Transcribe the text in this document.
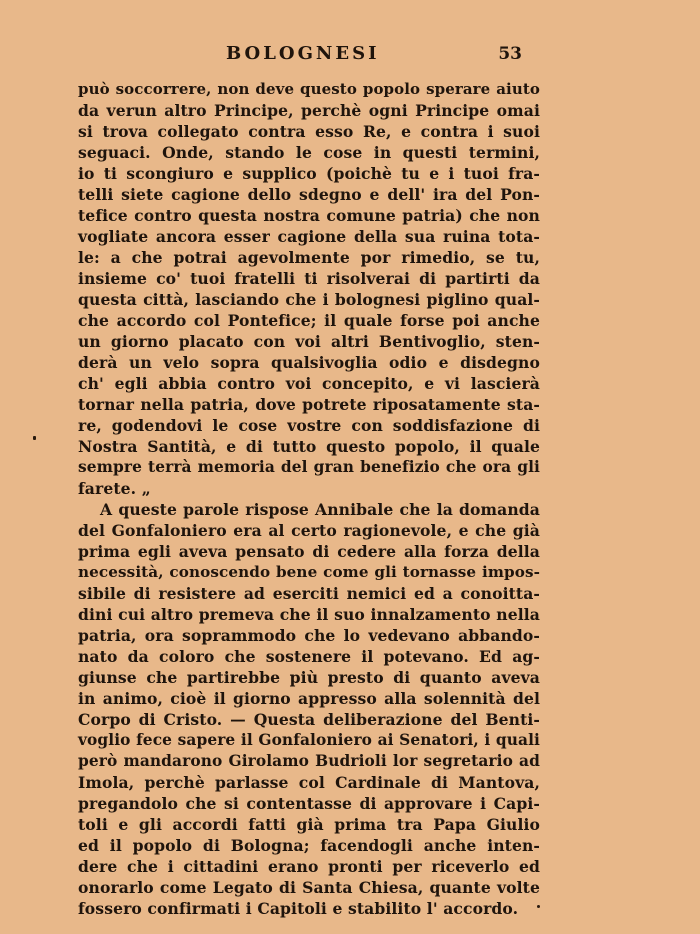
BOLOGNESI	53
può soccorrere, non deve questo popolo sperare aiuto
da verun altro Principe, perchè ogni Principe omai
si trova collegato contra esso Re, e contra i suoi
seguaci. Onde, stando le cose in questi termini,
io ti scongiuro e supplico (poichè tu e i tuoi fra-
telli siete cagione dello sdegno e dell' ira del Pon-
tefice contro questa nostra comune patria) che non
vogliate ancora esser cagione della sua ruina tota-
le: a che potrai agevolmente por rimedio, se tu,
insieme co' tuoi fratelli ti risolverai di partirti da
questa città, lasciando che i bolognesi piglino qual-
che accordo col Pontefice; il quale forse poi anche
un giorno placato con voi altri Bentivoglio, sten-
derà un velo sopra qualsivoglia odio e disdegno
ch' egli abbia contro voi concepito, e vi lascierà
tornar nella patria, dove potrete riposatamente sta-
re, godendovi le cose vostre con soddisfazione di
Nostra Santità, e di tutto questo popolo, il quale
sempre terrà memoria del gran benefizio che ora gli
farete. „
A queste parole rispose Annibale che la domanda
del Gonfaloniero era al certo ragionevole, e che già
prima egli aveva pensato di cedere alla forza della
necessità, conoscendo bene come gli tornasse impos-
sibile di resistere ad eserciti nemici ed a conoitta-
dini cui altro premeva che il suo innalzamento nella
patria, ora soprammodo che lo vedevano abbando-
nato da coloro che sostenere il potevano. Ed ag-
giunse che partirebbe più presto di quanto aveva
in animo, cioè il giorno appresso alla solennità del
Corpo di Cristo. — Questa deliberazione del Benti-
voglio fece sapere il Gonfaloniero ai Senatori, i quali
però mandarono Girolamo Budrioli lor segretario ad
Imola, perchè parlasse col Cardinale di Mantova,
pregandolo che si contentasse di approvare i Capi-
toli e gli accordi fatti già prima tra Papa Giulio
ed il popolo di Bologna; facendogli anche inten-
dere che i cittadini erano pronti per riceverlo ed
onorarlo come Legato di Santa Chiesa, quante volte
fossero confirmati i Capitoli e stabilito l' accordo.
